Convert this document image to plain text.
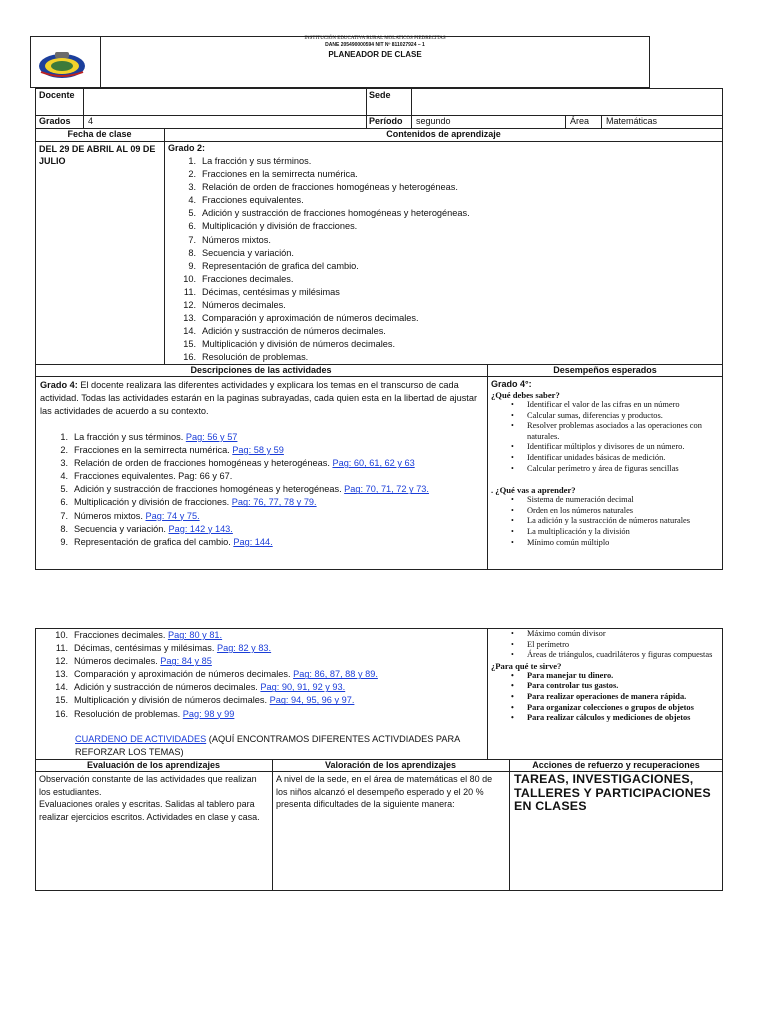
INSTITUCIÓN EDUCATIVA RURAL MOLATICOS PIEDRECITAS
DANE 205490000594 NIT Nº 811027924 – 1
PLANEADOR DE CLASE
Docente	Sede
Grados 4	Período segundo	Área Matemáticas
Fecha de clase	Contenidos de aprendizaje
DEL 29 DE ABRIL AL 09 DE JULIO
Grado 2:
1. La fracción y sus términos.
2. Fracciones en la semirrecta numérica.
3. Relación de orden de fracciones homogéneas y heterogéneas.
4. Fracciones equivalentes.
5. Adición y sustracción de fracciones homogéneas y heterogéneas.
6. Multiplicación y división de fracciones.
7. Números mixtos.
8. Secuencia y variación.
9. Representación de grafica del cambio.
10. Fracciones decimales.
11. Décimas, centésimas y milésimas
12. Números decimales.
13. Comparación y aproximación de números decimales.
14. Adición y sustracción de números decimales.
15. Multiplicación y división de números decimales.
16. Resolución de problemas.
Descripciones de las actividades	Desempeños esperados
Grado 4: El docente realizara las diferentes actividades y explicara los temas en el transcurso de cada actividad. Todas las actividades estarán en la paginas subrayadas, cada quien esta en la libertad de ajustar las actividades de acuerdo a su contexto.
1. La fracción y sus términos. Pag: 56 y 57
2. Fracciones en la semirrecta numérica. Pag: 58 y 59
3. Relación de orden de fracciones homogéneas y heterogéneas. Pag: 60, 61, 62 y 63
4. Fracciones equivalentes. Pag: 66 y 67.
5. Adición y sustracción de fracciones homogéneas y heterogéneas. Pag: 70, 71, 72 y 73.
6. Multiplicación y división de fracciones. Pag: 76, 77, 78 y 79.
7. Números mixtos. Pag: 74 y 75.
8. Secuencia y variación. Pag: 142 y 143.
9. Representación de grafica del cambio. Pag: 144.
Grado 4°:
¿Qué debes saber?
• Identificar el valor de las cifras en un número
• Calcular sumas, diferencias y productos.
• Resolver problemas asociados a las operaciones con naturales.
• Identificar múltiplos y divisores de un número.
• Identificar unidades básicas de medición.
• Calcular perímetro y área de figuras sencillas
. ¿Qué vas a aprender?
• Sistema de numeración decimal
• Orden en los números naturales
• La adición y la sustracción de números naturales
• La multiplicación y la división
• Mínimo común múltiplo
10. Fracciones decimales. Pag: 80 y 81.
11. Décimas, centésimas y milésimas. Pag: 82 y 83.
12. Números decimales. Pag: 84 y 85
13. Comparación y aproximación de números decimales. Pag: 86, 87, 88 y 89.
14. Adición y sustracción de números decimales. Pag: 90, 91, 92 y 93.
15. Multiplicación y división de números decimales. Pag: 94, 95, 96 y 97.
16. Resolución de problemas. Pag: 98 y 99
CUARDENO DE ACTIVIDADES (AQUÍ ENCONTRAMOS DIFERENTES ACTIVDIADES PARA REFORZAR LOS TEMAS)
• Máximo común divisor
• El perímetro
• Áreas de triángulos, cuadriláteros y figuras compuestas
¿Para qué te sirve?
• Para manejar tu dinero.
• Para controlar tus gastos.
• Para realizar operaciones de manera rápida.
• Para organizar colecciones o grupos de objetos
• Para realizar cálculos y mediciones de objetos
Evaluación de los aprendizajes	Valoración de los aprendizajes	Acciones de refuerzo y recuperaciones
Observación constante de las actividades que realizan los estudiantes.
Evaluaciones orales y escritas. Salidas al tablero para realizar ejercicios escritos. Actividades en clase y casa.
A nivel de la sede, en el área de matemáticas el 80 de los niños alcanzó el desempeño esperado y el 20 % presenta dificultades de la siguiente manera:
TAREAS, INVESTIGACIONES, TALLERES Y PARTICIPACIONES EN CLASES
